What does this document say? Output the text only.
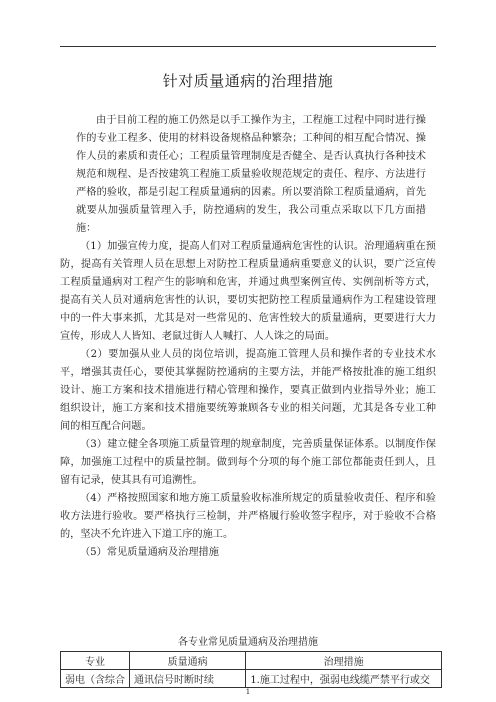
针对质量通病的治理措施

由于目前工程的施工仍然是以手工操作为主，工程施工过程中同时进行操作的专业工程多、使用的材料设备规格品种繁杂；工种间的相互配合情况、操作人员的素质和责任心；工程质量管理制度是否健全、是否认真执行各种技术规范和规程、是否按建筑工程施工质量验收规范规定的责任、程序、方法进行严格的验收，都是引起工程质量通病的因素。所以要消除工程质量通病，首先就要从加强质量管理入手，防控通病的发生，我公司重点采取以下几方面措施：

（1）加强宣传力度，提高人们对工程质量通病危害性的认识。治理通病重在预防，提高有关管理人员在思想上对防控工程质量通病重要意义的认识，要广泛宣传工程质量通病对工程产生的影响和危害，并通过典型案例宣传、实例剖析等方式，提高有关人员对通病危害性的认识，要切实把防控工程质量通病作为工程建设管理中的一件大事来抓，尤其是对一些常见的、危害性较大的质量通病，更要进行大力宣传，形成人人皆知、老鼠过街人人喊打、人人诛之的局面。

（2）要加强从业人员的岗位培训，提高施工管理人员和操作者的专业技术水平，增强其责任心，要使其掌握防控通病的主要方法，并能严格按批准的施工组织设计、施工方案和技术措施进行精心管理和操作，要真正做到内业指导外业；施工组织设计，施工方案和技术措施要统筹兼顾各专业的相关问题，尤其是各专业工种间的相互配合问题。

（3）建立健全各项施工质量管理的规章制度，完善质量保证体系。以制度作保障，加强施工过程中的质量控制。做到每个分项的每个施工部位都能责任到人，且留有记录，使其具有可追溯性。

（4）严格按照国家和地方施工质量验收标准所规定的质量验收责任、程序和验收方法进行验收。要严格执行三检制，并严格履行验收签字程序，对于验收不合格的，坚决不允许进入下道工序的施工。

（5）常见质量通病及治理措施

各专业常见质量通病及治理措施
专业	质量通病	治理措施
弱电（含综合	通讯信号时断时续	1.施工过程中，强弱电线缆严禁平行或交
1
